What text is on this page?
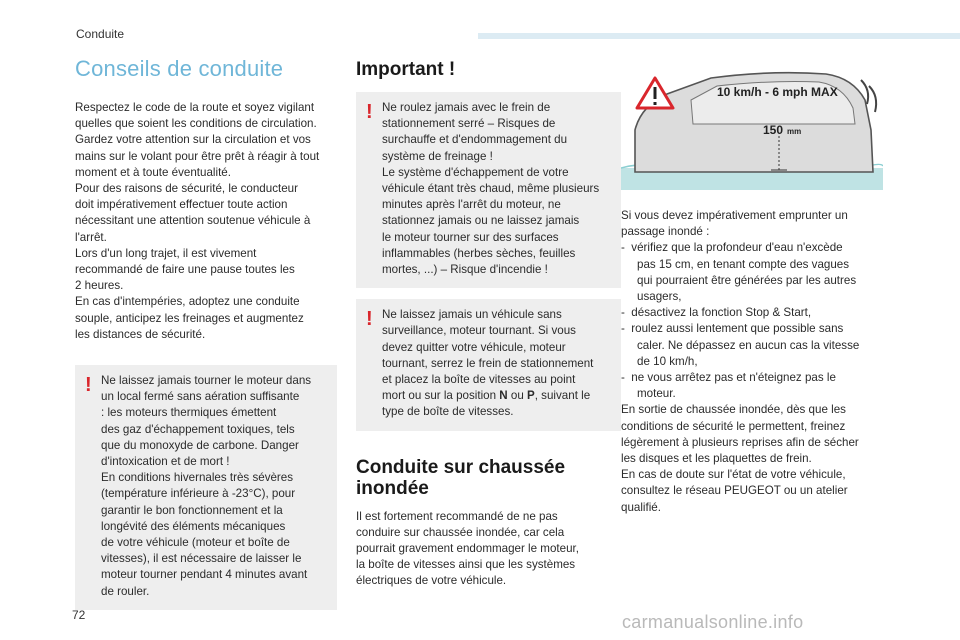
Conduite
Conseils de conduite

Respectez le code de la route et soyez vigilant
quelles que soient les conditions de circulation.
Gardez votre attention sur la circulation et vos
mains sur le volant pour être prêt à réagir à tout
moment et à toute éventualité.
Pour des raisons de sécurité, le conducteur
doit impérativement effectuer toute action
nécessitant une attention soutenue véhicule à
l'arrêt.
Lors d'un long trajet, il est vivement
recommandé de faire une pause toutes les
2 heures.
En cas d'intempéries, adoptez une conduite
souple, anticipez les freinages et augmentez
les distances de sécurité.

! Ne laissez jamais tourner le moteur dans
un local fermé sans aération suffisante
: les moteurs thermiques émettent
des gaz d'échappement toxiques, tels
que du monoxyde de carbone. Danger
d'intoxication et de mort !
En conditions hivernales très sévères
(température inférieure à -23°C), pour
garantir le bon fonctionnement et la
longévité des éléments mécaniques
de votre véhicule (moteur et boîte de
vitesses), il est nécessaire de laisser le
moteur tourner pendant 4 minutes avant
de rouler.

Important !
! Ne roulez jamais avec le frein de
stationnement serré – Risques de
surchauffe et d'endommagement du
système de freinage !
Le système d'échappement de votre
véhicule étant très chaud, même plusieurs
minutes après l'arrêt du moteur, ne
stationnez jamais ou ne laissez jamais
le moteur tourner sur des surfaces
inflammables (herbes sèches, feuilles
mortes, ...) – Risque d'incendie !

! Ne laissez jamais un véhicule sans
surveillance, moteur tournant. Si vous
devez quitter votre véhicule, moteur
tournant, serrez le frein de stationnement
et placez la boîte de vitesses au point
mort ou sur la position N ou P, suivant le
type de boîte de vitesses.

Conduite sur chaussée
inondée

Il est fortement recommandé de ne pas
conduire sur chaussée inondée, car cela
pourrait gravement endommager le moteur,
la boîte de vitesses ainsi que les systèmes
électriques de votre véhicule.

10 km/h - 6 mph MAX
150 mm

Si vous devez impérativement emprunter un
passage inondé :

-  vérifiez que la profondeur d'eau n'excède
pas 15 cm, en tenant compte des vagues
qui pourraient être générées par les autres
usagers,

-  désactivez la fonction Stop & Start,

-  roulez aussi lentement que possible sans
caler. Ne dépassez en aucun cas la vitesse
de 10 km/h,

-  ne vous arrêtez pas et n'éteignez pas le
moteur.

En sortie de chaussée inondée, dès que les
conditions de sécurité le permettent, freinez
légèrement à plusieurs reprises afin de sécher
les disques et les plaquettes de frein.
En cas de doute sur l'état de votre véhicule,
consultez le réseau PEUGEOT ou un atelier
qualifié.

72	carmanualsonline.info
